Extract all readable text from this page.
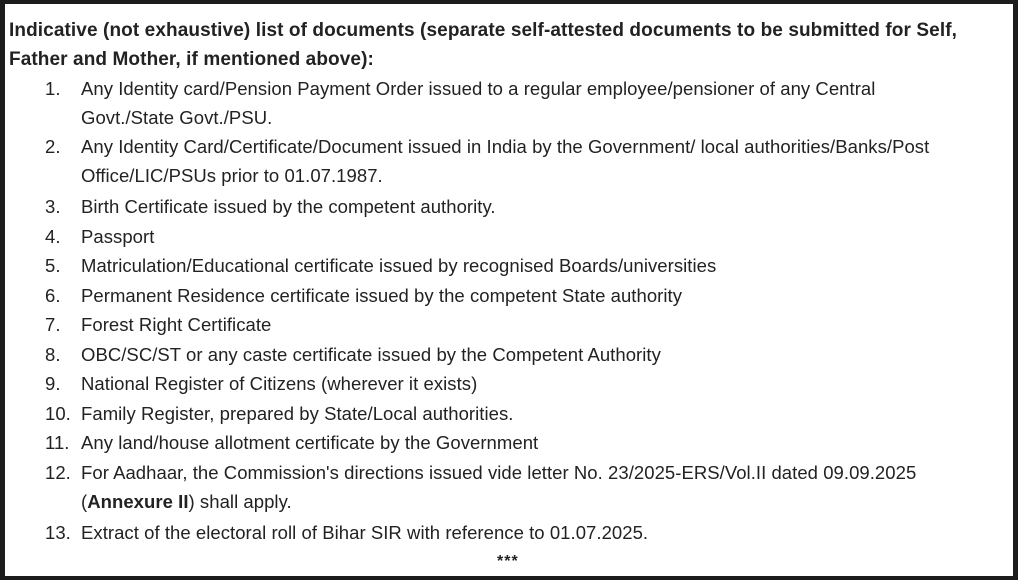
Indicative (not exhaustive) list of documents (separate self-attested documents to be submitted for Self, Father and Mother, if mentioned above):
1.	Any Identity card/Pension Payment Order issued to a regular employee/pensioner of any Central Govt./State Govt./PSU.
2.	Any Identity Card/Certificate/Document issued in India by the Government/ local authorities/Banks/Post Office/LIC/PSUs prior to 01.07.1987.
3.	Birth Certificate issued by the competent authority.
4.	Passport
5.	Matriculation/Educational certificate issued by recognised Boards/universities
6.	Permanent Residence certificate issued by the competent State authority
7.	Forest Right Certificate
8.	OBC/SC/ST or any caste certificate issued by the Competent Authority
9.	National Register of Citizens (wherever it exists)
10. Family Register, prepared by State/Local authorities.
11. Any land/house allotment certificate by the Government
12. For Aadhaar, the Commission's directions issued vide letter No. 23/2025-ERS/Vol.II dated 09.09.2025 (Annexure II) shall apply.
13. Extract of the electoral roll of Bihar SIR with reference to 01.07.2025.
***
